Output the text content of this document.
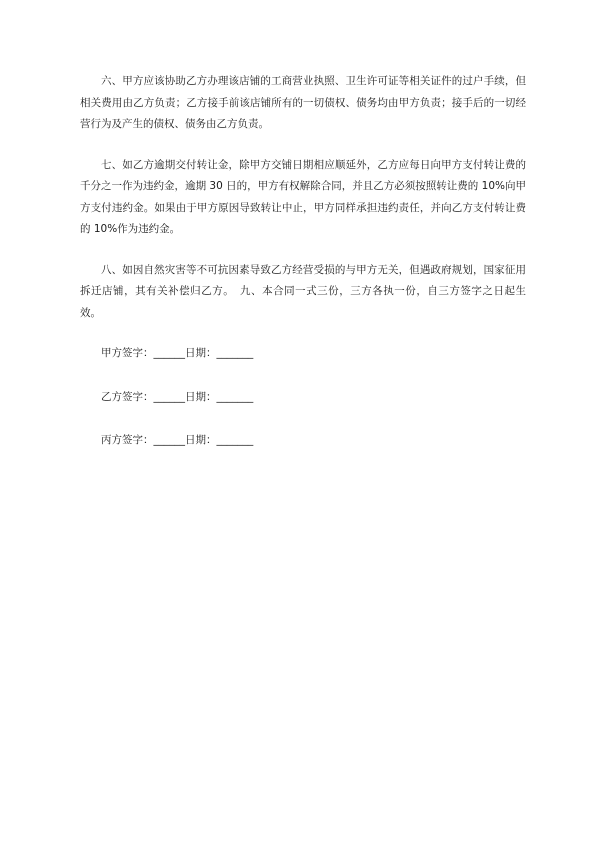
六、甲方应该协助乙方办理该店铺的工商营业执照、卫生许可证等相关证件的过户手续，但相关费用由乙方负责；乙方接手前该店铺所有的一切债权、债务均由甲方负责；接手后的一切经营行为及产生的债权、债务由乙方负责。

七、如乙方逾期交付转让金，除甲方交铺日期相应顺延外，乙方应每日向甲方支付转让费的千分之一作为违约金，逾期 30 日的，甲方有权解除合同，并且乙方必须按照转让费的 10%向甲方支付违约金。如果由于甲方原因导致转让中止，甲方同样承担违约责任，并向乙方支付转让费的 10%作为违约金。

八、如因自然灾害等不可抗因素导致乙方经营受损的与甲方无关，但遇政府规划，国家征用拆迁店铺，其有关补偿归乙方。　九、本合同一式三份，三方各执一份，自三方签字之日起生效。

甲方签字：______日期：_______

乙方签字：______日期：_______

丙方签字：______日期：_______
